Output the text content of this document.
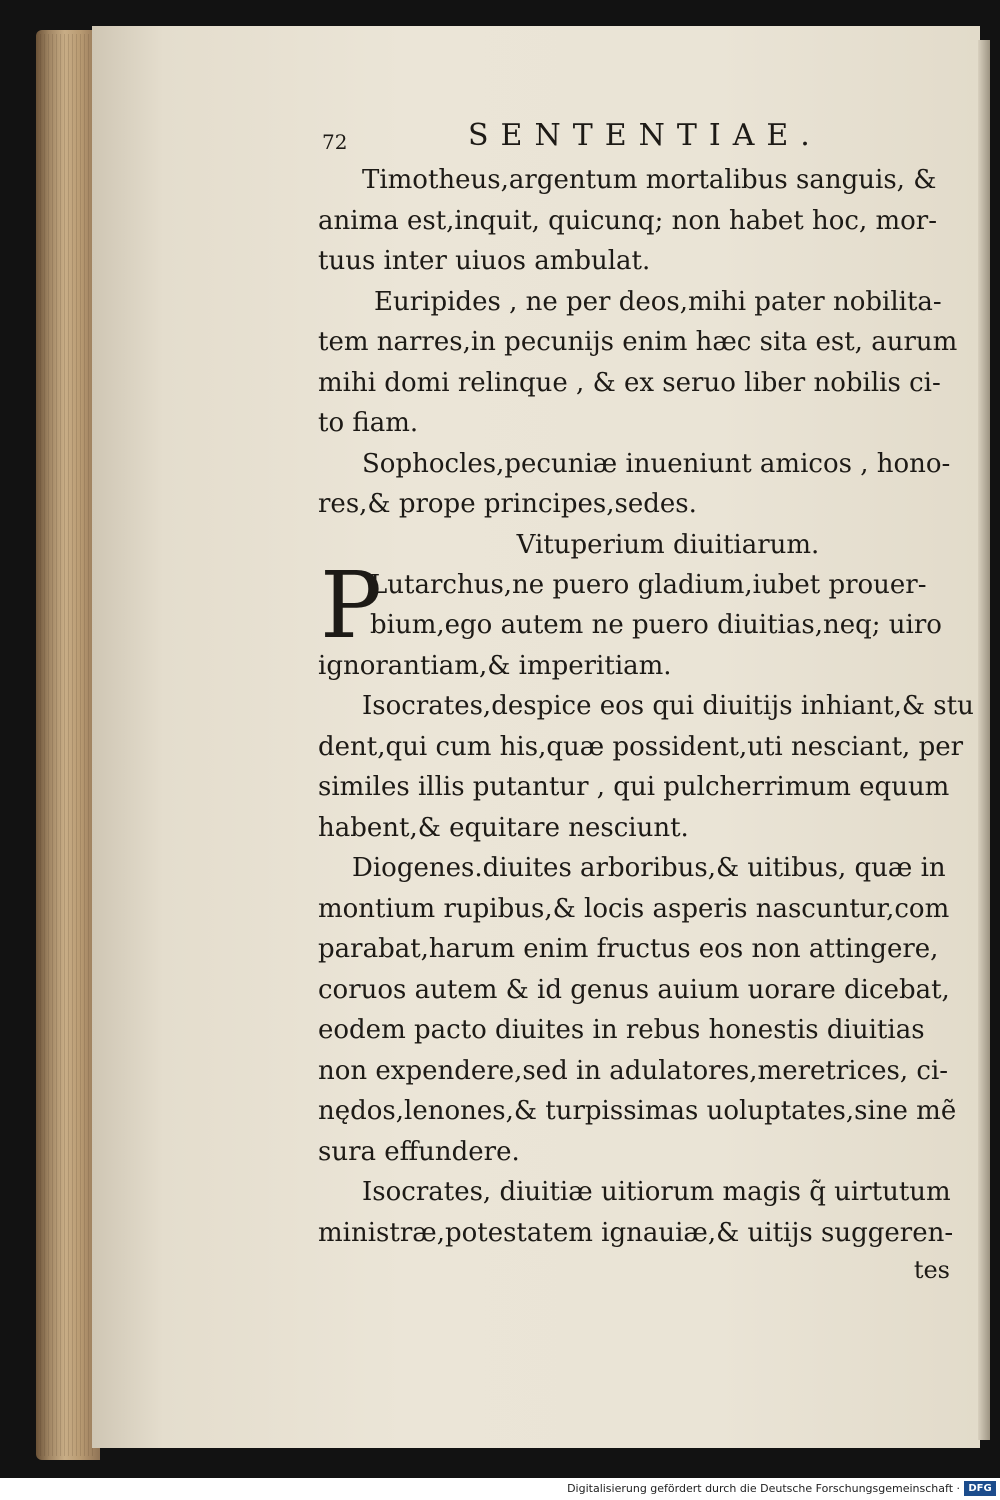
72	SENTENTIAE.

Timotheus,argentum mortalibus sanguis, &
anima est,inquit, quicunq; non habet hoc, mor-
tuus inter uiuos ambulat.

Euripides , ne per deos,mihi pater nobilita-
tem narres,in pecunijs enim hæc sita est, aurum
mihi domi relinque , & ex seruo liber nobilis ci-
to fiam.

Sophocles,pecuniæ inueniunt amicos , hono-
res,& prope principes,sedes.

Vituperium diuitiarum.

P

Lutarchus,ne puero gladium,iubet prouer-
bium,ego autem ne puero diuitias,neq; uiro
ignorantiam,& imperitiam.

Isocrates,despice eos qui diuitijs inhiant,& stu
dent,qui cum his,quæ possident,uti nesciant, per
similes illis putantur , qui pulcherrimum equum
habent,& equitare nesciunt.

Diogenes.diuites arboribus,& uitibus, quæ in
montium rupibus,& locis asperis nascuntur,com
parabat,harum enim fructus eos non attingere,
coruos autem & id genus auium uorare dicebat,
eodem pacto diuites in rebus honestis diuitias
non expendere,sed in adulatores,meretrices, ci-
nędos,lenones,& turpissimas uoluptates,sine mẽ
sura effundere.

Isocrates, diuitiæ uitiorum magis q̃ uirtutum
ministræ,potestatem ignauiæ,& uitijs suggeren-

tes
Digitalisierung gefördert durch die Deutsche Forschungsgemeinschaft · DFG
